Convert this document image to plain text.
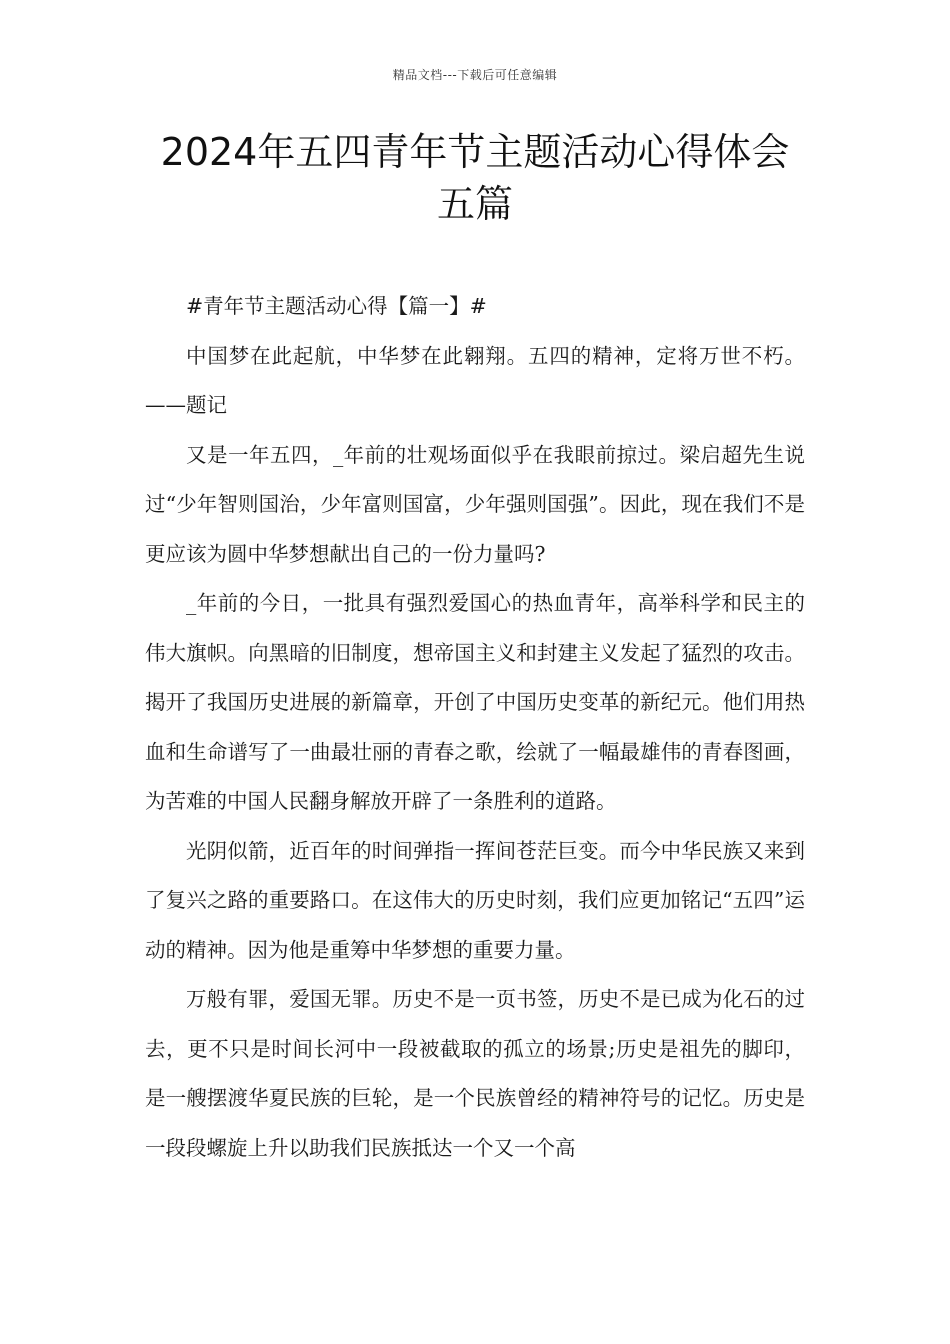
精品文档---下载后可任意编辑
2024年五四青年节主题活动心得体会五篇

#青年节主题活动心得【篇一】#

中国梦在此起航，中华梦在此翱翔。五四的精神，定将万世不朽。——题记

又是一年五四，_年前的壮观场面似乎在我眼前掠过。梁启超先生说过“少年智则国治，少年富则国富，少年强则国强”。因此，现在我们不是更应该为圆中华梦想献出自己的一份力量吗?

_年前的今日，一批具有强烈爱国心的热血青年，高举科学和民主的伟大旗帜。向黑暗的旧制度，想帝国主义和封建主义发起了猛烈的攻击。揭开了我国历史进展的新篇章，开创了中国历史变革的新纪元。他们用热血和生命谱写了一曲最壮丽的青春之歌，绘就了一幅最雄伟的青春图画，为苦难的中国人民翻身解放开辟了一条胜利的道路。

光阴似箭，近百年的时间弹指一挥间苍茫巨变。而今中华民族又来到了复兴之路的重要路口。在这伟大的历史时刻，我们应更加铭记“五四”运动的精神。因为他是重筹中华梦想的重要力量。

万般有罪，爱国无罪。历史不是一页书签，历史不是已成为化石的过去，更不只是时间长河中一段被截取的孤立的场景;历史是祖先的脚印，是一艘摆渡华夏民族的巨轮，是一个民族曾经的精神符号的记忆。历史是一段段螺旋上升以助我们民族抵达一个又一个高
